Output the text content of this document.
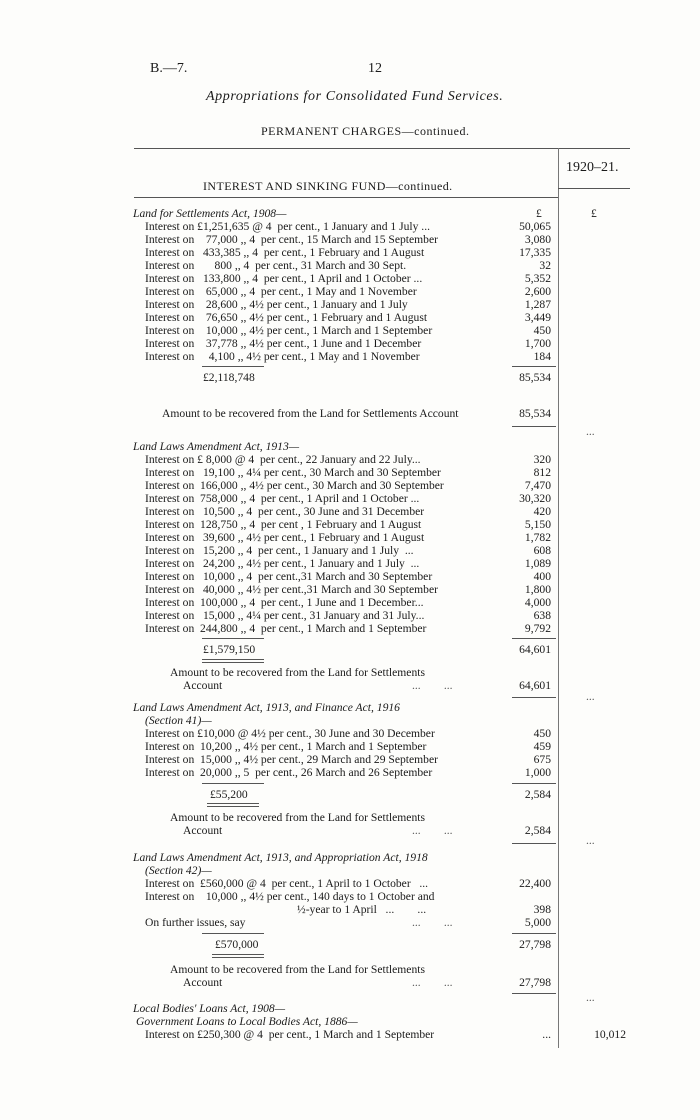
B.—7.	12
Appropriations for Consolidated Fund Services.
PERMANENT CHARGES—continued.
1920–21.
INTEREST AND SINKING FUND—continued.
£	£
Land for Settlements Act, 1908—
Interest on £1,251,635 @ 4  per cent., 1 January and 1 July ...	50,065
Interest on    77,000 ,, 4  per cent., 15 March and 15 September	3,080
Interest on   433,385 ,, 4  per cent., 1 February and 1 August	17,335
Interest on       800 ,, 4  per cent., 31 March and 30 Sept.	32
Interest on   133,800 ,, 4  per cent., 1 April and 1 October ...	5,352
Interest on    65,000 ,, 4  per cent., 1 May and 1 November	2,600
Interest on    28,600 ,, 4½ per cent., 1 January and 1 July	1,287
Interest on    76,650 ,, 4½ per cent., 1 February and 1 August	3,449
Interest on    10,000 ,, 4½ per cent., 1 March and 1 September	450
Interest on    37,778 ,, 4½ per cent., 1 June and 1 December	1,700
Interest on     4,100 ,, 4½ per cent., 1 May and 1 November	184
£2,118,748	85,534
Amount to be recovered from the Land for Settlements Account	85,534
...
Land Laws Amendment Act, 1913—
Interest on £ 8,000 @ 4  per cent., 22 January and 22 July...	320
Interest on   19,100 ,, 4¼ per cent., 30 March and 30 September	812
Interest on  166,000 ,, 4½ per cent., 30 March and 30 September	7,470
Interest on  758,000 ,, 4  per cent., 1 April and 1 October ...	30,320
Interest on   10,500 ,, 4  per cent., 30 June and 31 December	420
Interest on  128,750 ,, 4  per cent , 1 February and 1 August	5,150
Interest on   39,600 ,, 4½ per cent., 1 February and 1 August	1,782
Interest on   15,200 ,, 4  per cent., 1 January and 1 July  ...	608
Interest on   24,200 ,, 4½ per cent., 1 January and 1 July  ...	1,089
Interest on   10,000 ,, 4  per cent.,31 March and 30 September	400
Interest on   40,000 ,, 4½ per cent.,31 March and 30 September	1,800
Interest on  100,000 ,, 4  per cent., 1 June and 1 December...	4,000
Interest on   15,000 ,, 4¼ per cent., 31 January and 31 July...	638
Interest on  244,800 ,, 4  per cent., 1 March and 1 September	9,792
£1,579,150	64,601
Amount to be recovered from the Land for Settlements
Account	...        ...	64,601
...
Land Laws Amendment Act, 1913, and Finance Act, 1916
(Section 41)—
Interest on £10,000 @ 4½ per cent., 30 June and 30 December	450
Interest on  10,200 ,, 4½ per cent., 1 March and 1 September	459
Interest on  15,000 ,, 4½ per cent., 29 March and 29 September	675
Interest on  20,000 ,, 5  per cent., 26 March and 26 September	1,000
£55,200	2,584
Amount to be recovered from the Land for Settlements
Account	...        ...	2,584
...
Land Laws Amendment Act, 1913, and Appropriation Act, 1918
(Section 42)—
Interest on  £560,000 @ 4  per cent., 1 April to 1 October   ...	22,400
Interest on    10,000 ,, 4½ per cent., 140 days to 1 October and
½-year to 1 April   ...        ...	398
On further issues, say	...        ...	5,000
£570,000	27,798
Amount to be recovered from the Land for Settlements
Account	...        ...	27,798
...
Local Bodies' Loans Act, 1908—
Government Loans to Local Bodies Act, 1886—
Interest on £250,300 @ 4  per cent., 1 March and 1 September	...	10,012
